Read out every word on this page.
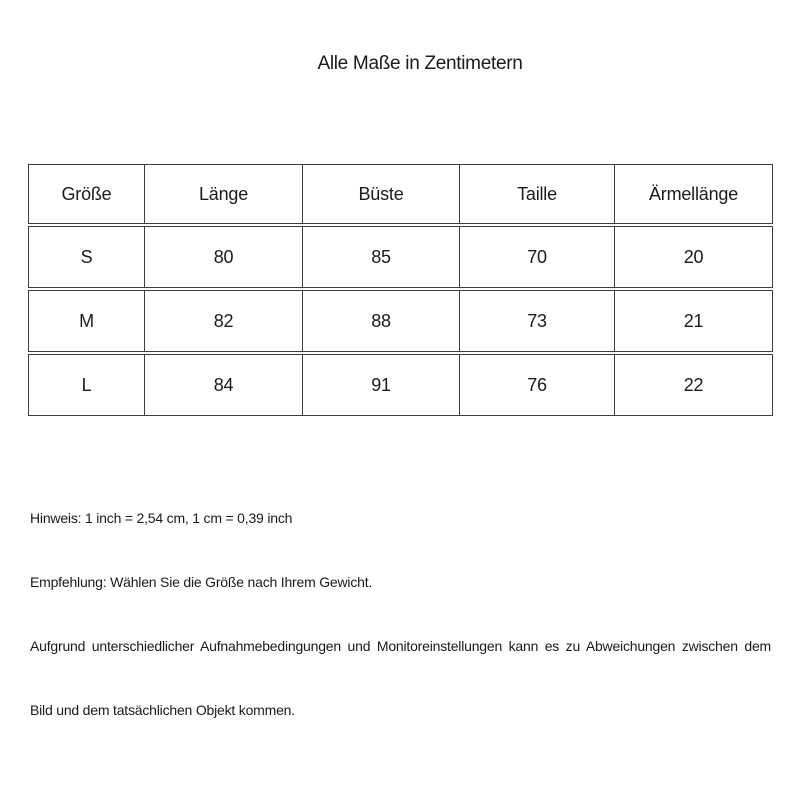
Alle Maße in Zentimetern
Größe	Länge	Büste	Taille	Ärmellänge
S	80	85	70	20
M	82	88	73	21
L	84	91	76	22

Hinweis: 1 inch = 2,54 cm, 1 cm = 0,39 inch

Empfehlung: Wählen Sie die Größe nach Ihrem Gewicht.

Aufgrund unterschiedlicher Aufnahmebedingungen und Monitoreinstellungen kann es zu Abweichungen zwischen dem

Bild und dem tatsächlichen Objekt kommen.
